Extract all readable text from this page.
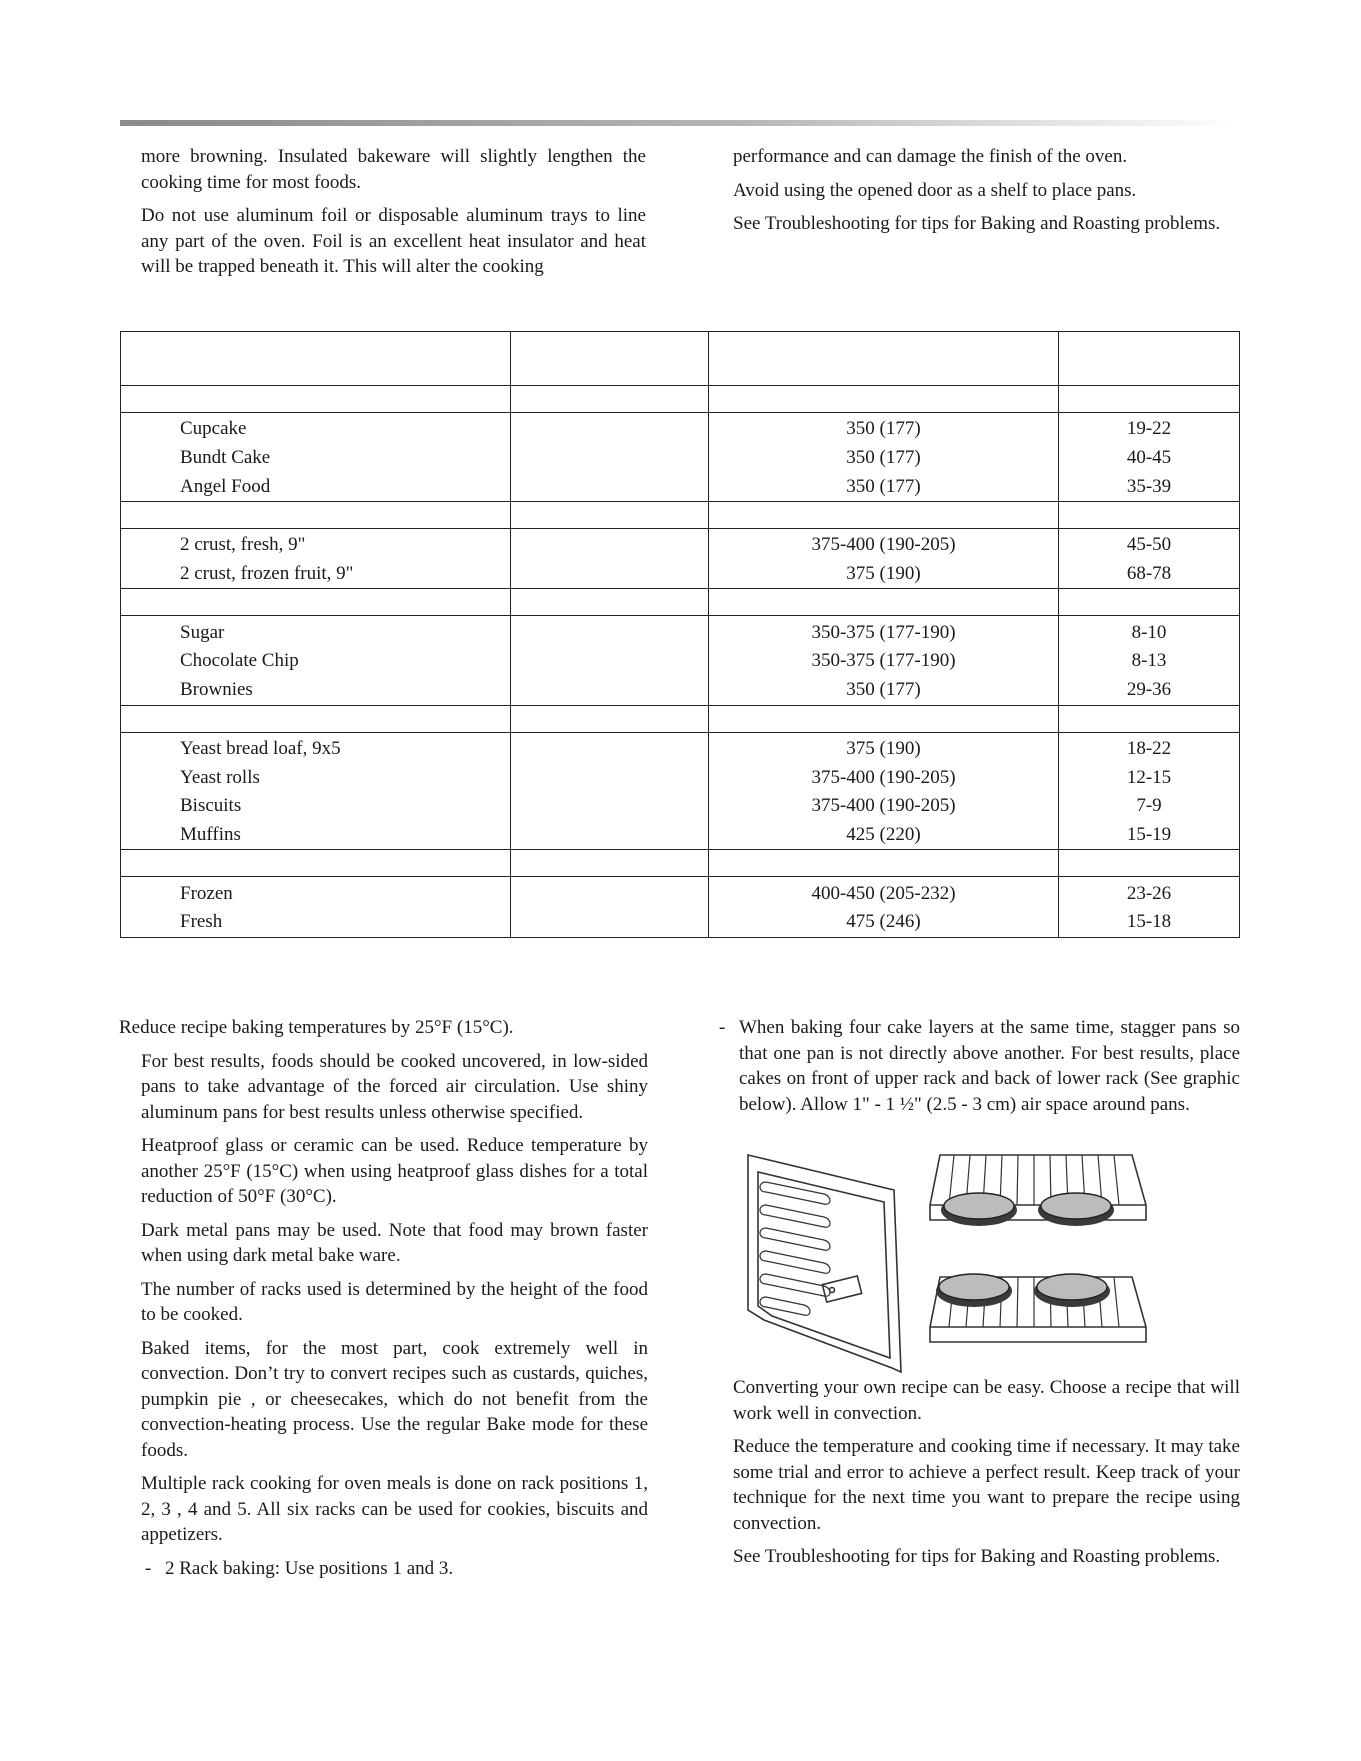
more browning. Insulated bakeware will slightly lengthen the cooking time for most foods.

Do not use aluminum foil or disposable aluminum trays to line any part of the oven. Foil is an excellent heat insulator and heat will be trapped beneath it. This will alter the cooking

performance and can damage the finish of the oven.

Avoid using the opened door as a shelf to place pans.

See Troubleshooting for tips for Baking and Roasting problems.

Cupcake		350 (177)	19-22
Bundt Cake		350 (177)	40-45
Angel Food		350 (177)	35-39

2 crust, fresh, 9"		375-400 (190-205)	45-50
2 crust, frozen fruit, 9"		375 (190)	68-78

Sugar		350-375 (177-190)	8-10
Chocolate Chip		350-375 (177-190)	8-13
Brownies		350 (177)	29-36

Yeast bread loaf, 9x5		375 (190)	18-22
Yeast rolls		375-400 (190-205)	12-15
Biscuits		375-400 (190-205)	7-9
Muffins		425 (220)	15-19

Frozen		400-450 (205-232)	23-26
Fresh		475 (246)	15-18

Reduce recipe baking temperatures by 25°F (15°C).

For best results, foods should be cooked uncovered, in low-sided pans to take advantage of the forced air circulation. Use shiny aluminum pans for best results unless otherwise specified.

Heatproof glass or ceramic can be used. Reduce temperature by another 25°F (15°C) when using heatproof glass dishes for a total reduction of 50°F (30°C).

Dark metal pans may be used. Note that food may brown faster when using dark metal bake ware.

The number of racks used is determined by the height of the food to be cooked.

Baked items, for the most part, cook extremely well in convection. Don’t try to convert recipes such as custards, quiches, pumpkin pie , or cheesecakes, which do not benefit from the convection-heating process. Use the regular Bake mode for these foods.

Multiple rack cooking for oven meals is done on rack positions 1, 2, 3 , 4 and 5. All six racks can be used for cookies, biscuits and appetizers.

- 2 Rack baking: Use positions 1 and 3.
- When baking four cake layers at the same time, stagger pans so that one pan is not directly above another. For best results, place cakes on front of upper rack and back of lower rack (See graphic below). Allow 1" - 1 ½" (2.5 - 3 cm) air space around pans.

Converting your own recipe can be easy. Choose a recipe that will work well in convection.

Reduce the temperature and cooking time if necessary. It may take some trial and error to achieve a perfect result. Keep track of your technique for the next time you want to prepare the recipe using convection.

See Troubleshooting for tips for Baking and Roasting problems.
